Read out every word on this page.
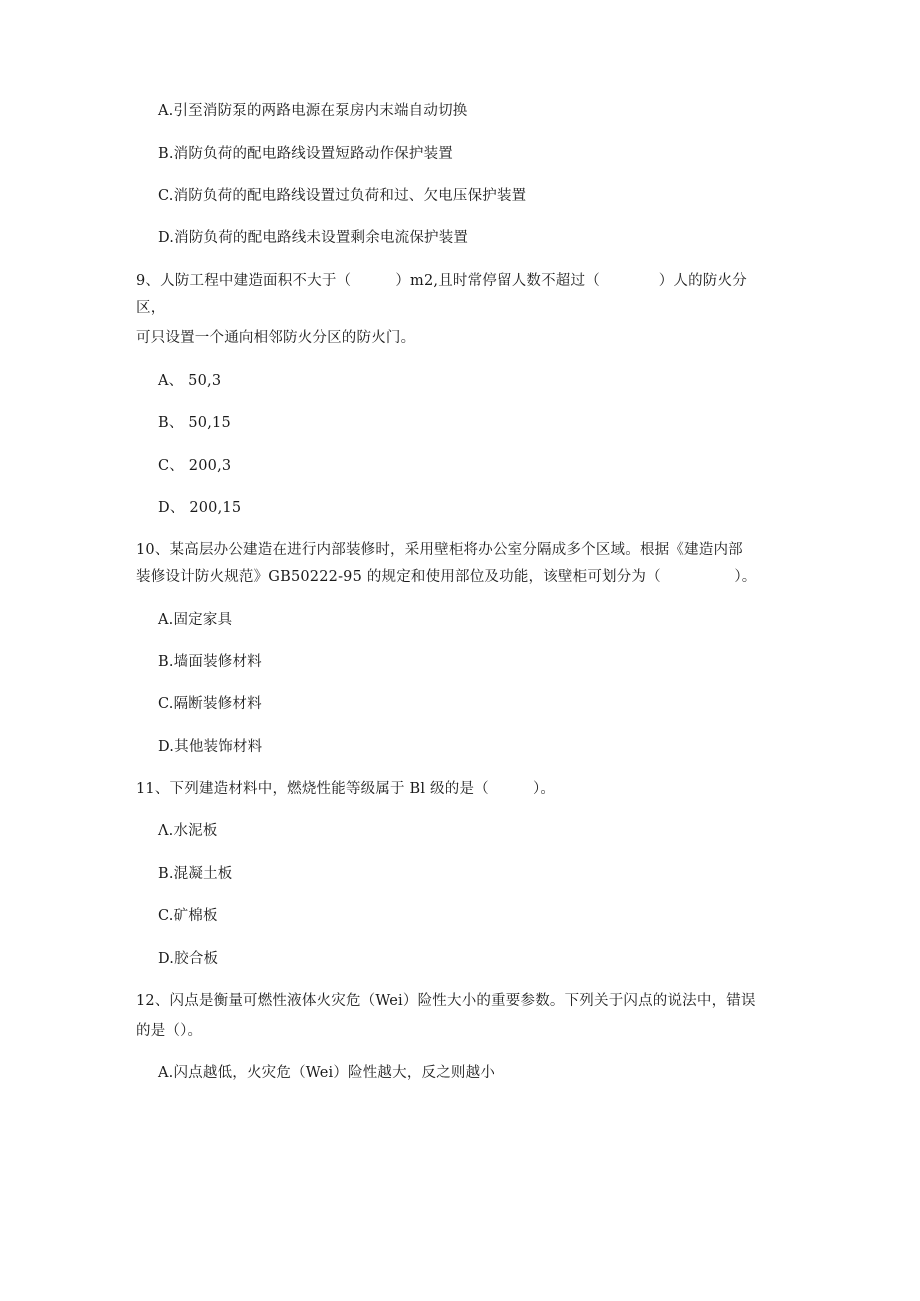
A.引至消防泵的两路电源在泵房内末端自动切换
B.消防负荷的配电路线设置短路动作保护装置
C.消防负荷的配电路线设置过负荷和过、欠电压保护装置
D.消防负荷的配电路线未设置剩余电流保护装置
9、人防工程中建造面积不大于（　　　）m2,且时常停留人数不超过（　　　　）人的防火分
区，
可只设置一个通向相邻防火分区的防火门。
A、 50,3
B、 50,15
C、 200,3
D、 200,15
10、某高层办公建造在进行内部装修时，采用壁柜将办公室分隔成多个区域。根据《建造内部
装修设计防火规范》GB50222-95 的规定和使用部位及功能，该壁柜可划分为（　　　　　）。
A.固定家具
B.墙面装修材料
C.隔断装修材料
D.其他装饰材料
11、下列建造材料中，燃烧性能等级属于 Bl 级的是（　　　）。
Λ.水泥板
B.混凝土板
C.矿棉板
D.胶合板
12、闪点是衡量可燃性液体火灾危（Wei）险性大小的重要参数。下列关于闪点的说法中，错误
的是（）。
A.闪点越低，火灾危（Wei）险性越大，反之则越小
